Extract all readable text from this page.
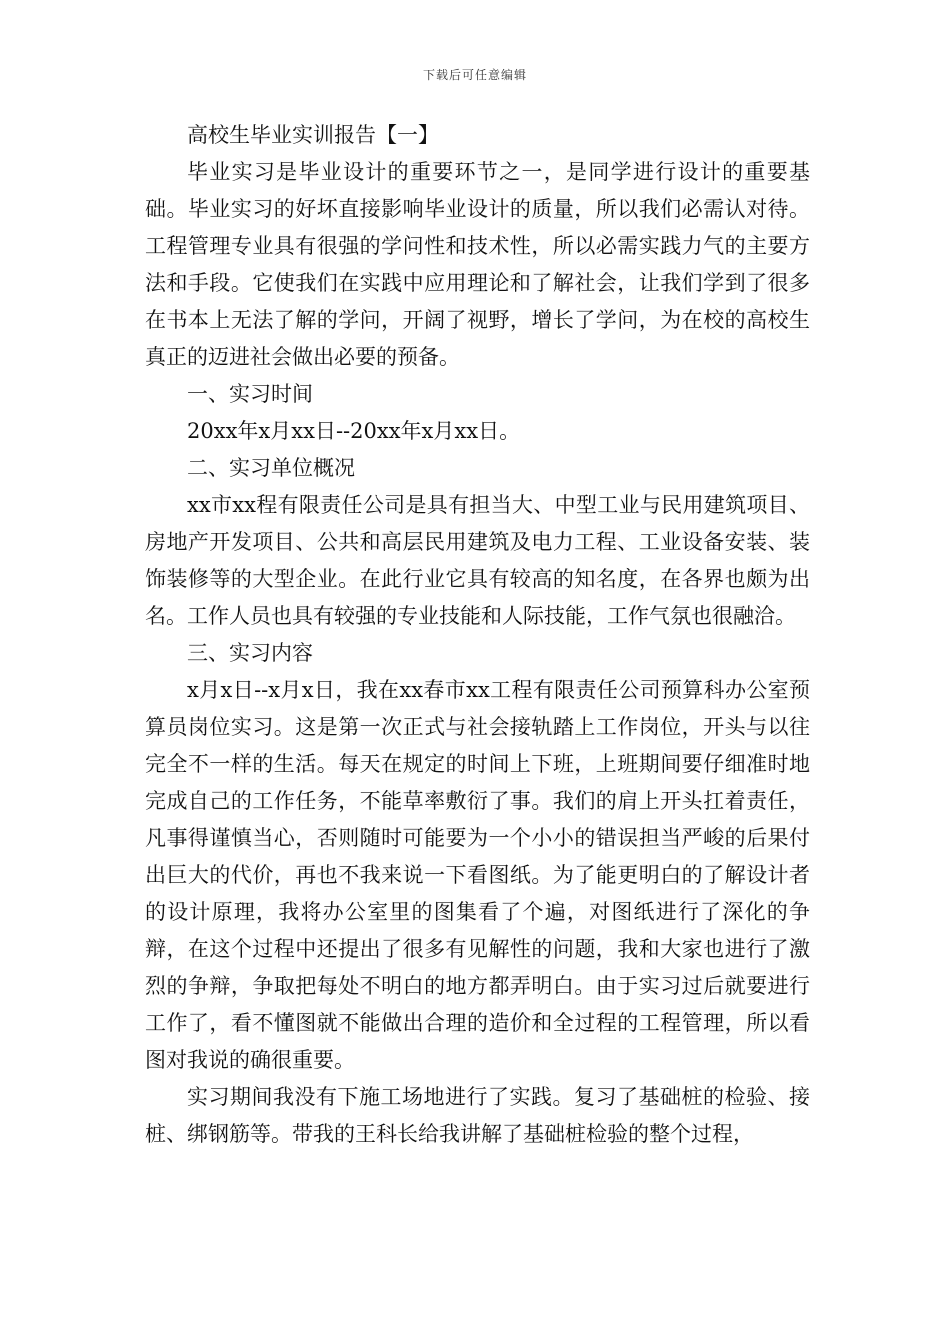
下载后可任意编辑
高校生毕业实训报告【一】

毕业实习是毕业设计的重要环节之一，是同学进行设计的重要基础。毕业实习的好坏直接影响毕业设计的质量，所以我们必需认对待。工程管理专业具有很强的学问性和技术性，所以必需实践力气的主要方法和手段。它使我们在实践中应用理论和了解社会，让我们学到了很多在书本上无法了解的学问，开阔了视野，增长了学问，为在校的高校生真正的迈进社会做出必要的预备。

一、实习时间

20xx年x月xx日--20xx年x月xx日。

二、实习单位概况

xx市xx程有限责任公司是具有担当大、中型工业与民用建筑项目、房地产开发项目、公共和高层民用建筑及电力工程、工业设备安装、装饰装修等的大型企业。在此行业它具有较高的知名度，在各界也颇为出名。工作人员也具有较强的专业技能和人际技能，工作气氛也很融洽。

三、实习内容

x月x日--x月x日，我在xx春市xx工程有限责任公司预算科办公室预算员岗位实习。这是第一次正式与社会接轨踏上工作岗位，开头与以往完全不一样的生活。每天在规定的时间上下班，上班期间要仔细准时地完成自己的工作任务，不能草率敷衍了事。我们的肩上开头扛着责任，凡事得谨慎当心，否则随时可能要为一个小小的错误担当严峻的后果付出巨大的代价，再也不我来说一下看图纸。为了能更明白的了解设计者的设计原理，我将办公室里的图集看了个遍，对图纸进行了深化的争辩，在这个过程中还提出了很多有见解性的问题，我和大家也进行了激烈的争辩，争取把每处不明白的地方都弄明白。由于实习过后就要进行工作了，看不懂图就不能做出合理的造价和全过程的工程管理，所以看图对我说的确很重要。

实习期间我没有下施工场地进行了实践。复习了基础桩的检验、接桩、绑钢筋等。带我的王科长给我讲解了基础桩检验的整个过程，
